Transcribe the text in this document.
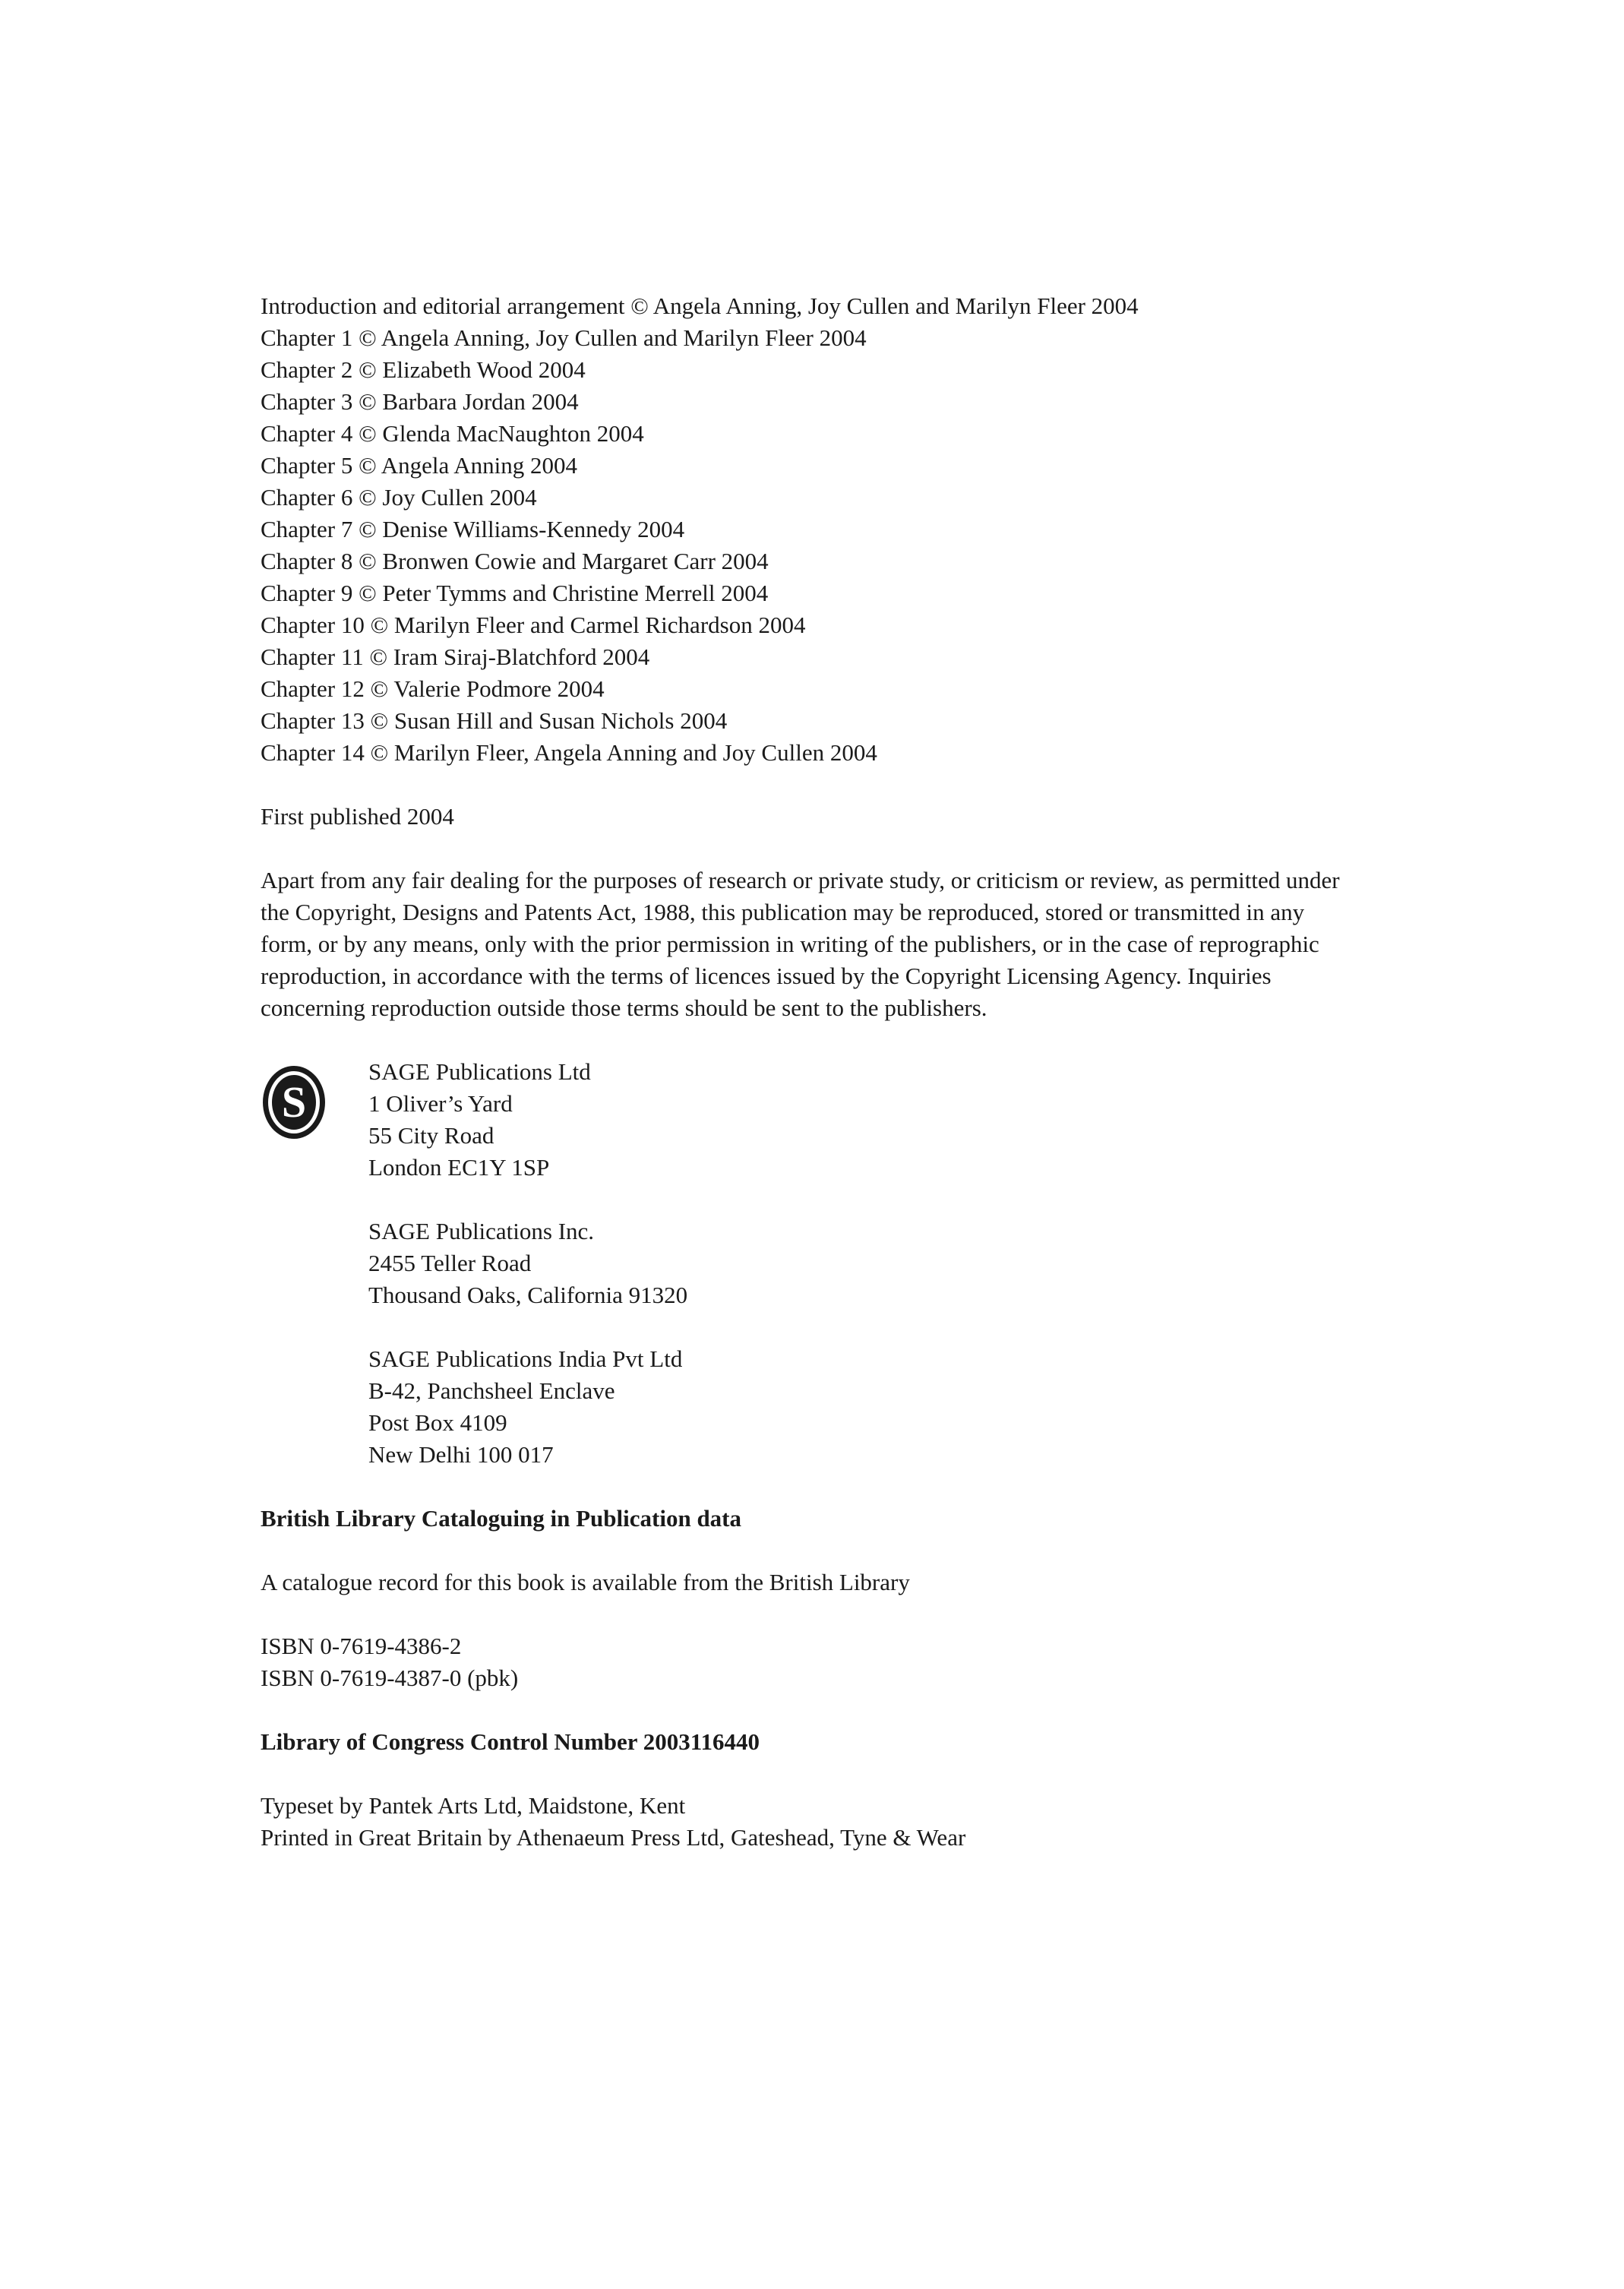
Introduction and editorial arrangement © Angela Anning, Joy Cullen and Marilyn Fleer 2004
Chapter 1 © Angela Anning, Joy Cullen and Marilyn Fleer 2004
Chapter 2 © Elizabeth Wood 2004
Chapter 3 © Barbara Jordan 2004
Chapter 4 © Glenda MacNaughton 2004
Chapter 5 © Angela Anning 2004
Chapter 6 © Joy Cullen 2004
Chapter 7 © Denise Williams-Kennedy 2004
Chapter 8 © Bronwen Cowie and Margaret Carr 2004
Chapter 9 © Peter Tymms and Christine Merrell 2004
Chapter 10 © Marilyn Fleer and Carmel Richardson 2004
Chapter 11 © Iram Siraj-Blatchford 2004
Chapter 12 © Valerie Podmore 2004
Chapter 13 © Susan Hill and Susan Nichols 2004
Chapter 14 © Marilyn Fleer, Angela Anning and Joy Cullen 2004
First published 2004
Apart from any fair dealing for the purposes of research or private study, or criticism or review, as permitted under the Copyright, Designs and Patents Act, 1988, this publication may be reproduced, stored or transmitted in any form, or by any means, only with the prior permission in writing of the publishers, or in the case of reprographic reproduction, in accordance with the terms of licences issued by the Copyright Licensing Agency. Inquiries concerning reproduction outside those terms should be sent to the publishers.
S
SAGE Publications Ltd
1 Oliver’s Yard
55 City Road
London EC1Y 1SP
SAGE Publications Inc.
2455 Teller Road
Thousand Oaks, California 91320
SAGE Publications India Pvt Ltd
B-42, Panchsheel Enclave
Post Box 4109
New Delhi 100 017
British Library Cataloguing in Publication data
A catalogue record for this book is available from the British Library
ISBN 0-7619-4386-2
ISBN 0-7619-4387-0 (pbk)
Library of Congress Control Number 2003116440
Typeset by Pantek Arts Ltd, Maidstone, Kent
Printed in Great Britain by Athenaeum Press Ltd, Gateshead, Tyne & Wear
